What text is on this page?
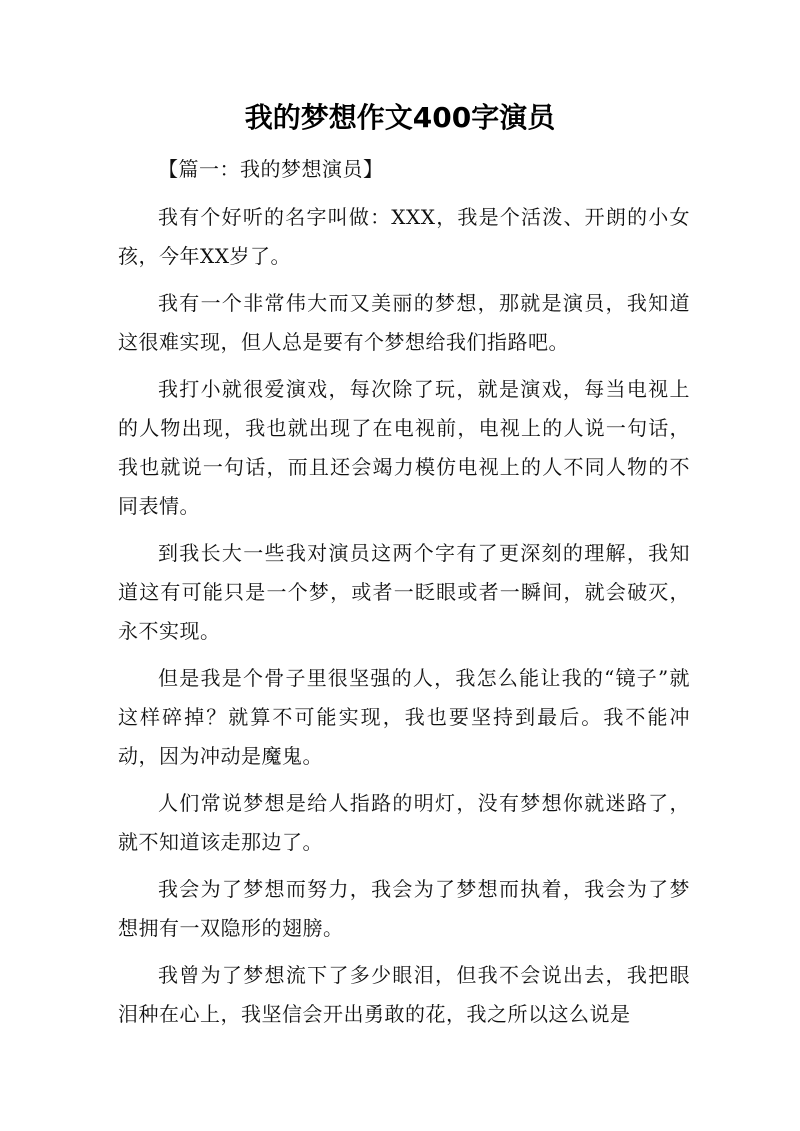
我的梦想作文400字演员

【篇一：我的梦想演员】

我有个好听的名字叫做：XXX，我是个活泼、开朗的小女孩，今年XX岁了。

我有一个非常伟大而又美丽的梦想，那就是演员，我知道这很难实现，但人总是要有个梦想给我们指路吧。

我打小就很爱演戏，每次除了玩，就是演戏，每当电视上的人物出现，我也就出现了在电视前，电视上的人说一句话，我也就说一句话，而且还会竭力模仿电视上的人不同人物的不同表情。

到我长大一些我对演员这两个字有了更深刻的理解，我知道这有可能只是一个梦，或者一眨眼或者一瞬间，就会破灭，永不实现。

但是我是个骨子里很坚强的人，我怎么能让我的“镜子”就这样碎掉？就算不可能实现，我也要坚持到最后。我不能冲动，因为冲动是魔鬼。

人们常说梦想是给人指路的明灯，没有梦想你就迷路了，就不知道该走那边了。

我会为了梦想而努力，我会为了梦想而执着，我会为了梦想拥有一双隐形的翅膀。

我曾为了梦想流下了多少眼泪，但我不会说出去，我把眼泪种在心上，我坚信会开出勇敢的花，我之所以这么说是
